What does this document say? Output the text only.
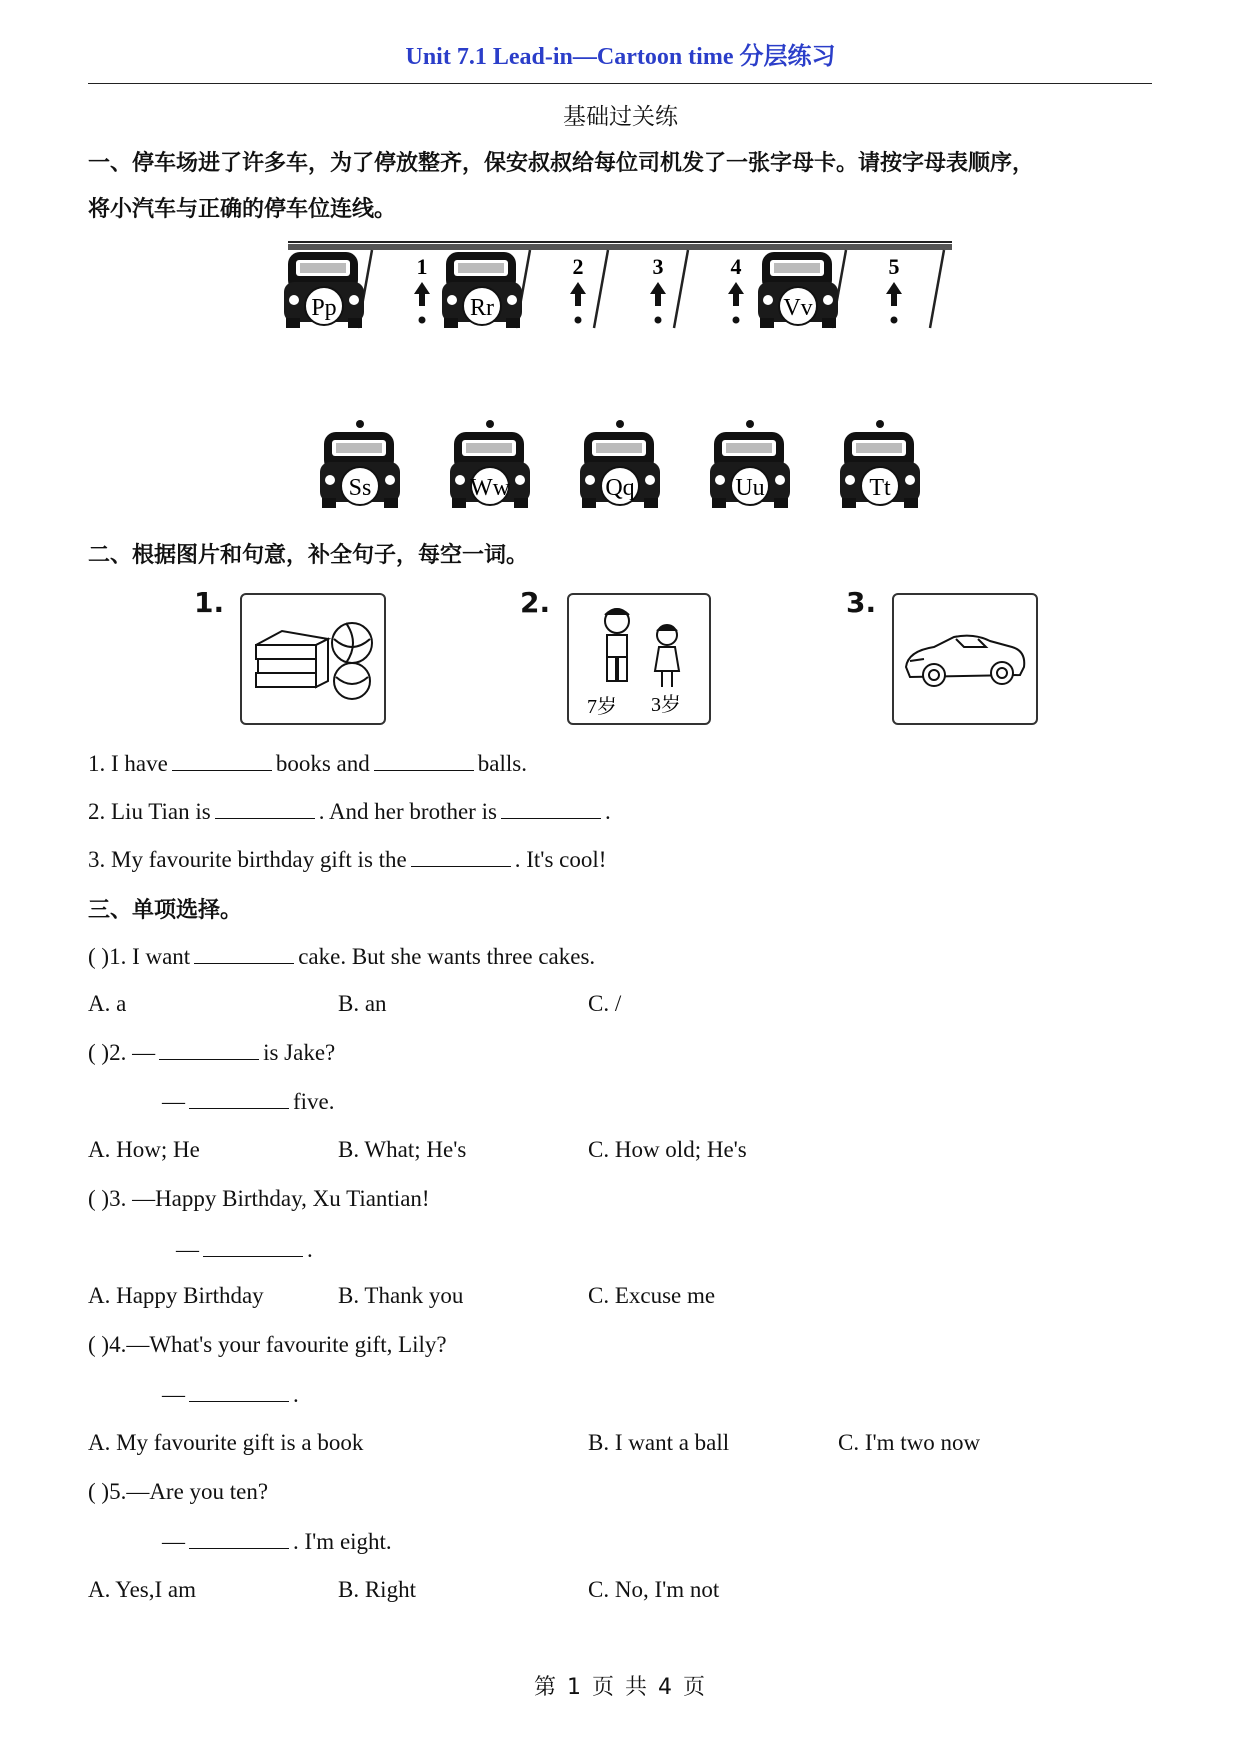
Unit 7.1 Lead-in—Cartoon time 分层练习
基础过关练
一、停车场进了许多车，为了停放整齐，保安叔叔给每位司机发了一张字母卡。请按字母表顺序，
将小汽车与正确的停车位连线。
Pp	Rr	Vv
1	2	3	4	5
Ss	Ww	Qq	Uu	Tt
二、根据图片和句意，补全句子，每空一词。
1.	2.
7岁 3岁
3.
1. I have	books and	balls.
2. Liu Tian is	. And her brother is	.
3. My favourite birthday gift is the	. It's cool!
三、单项选择。
( )1. I want	cake. But she wants three cakes.
A. a	B. an	C. /
( )2. —	is Jake?
—	five.
A. How; He	B. What; He's	C. How old; He's
( )3. —Happy Birthday, Xu Tiantian!
—	.
A. Happy Birthday	B. Thank you	C. Excuse me
( )4.—What's your favourite gift, Lily?
—	.
A. My favourite gift is a book	B. I want a ball	C. I'm two now
( )5.—Are you ten?
—	. I'm eight.
A. Yes,I am	B. Right	C. No, I'm not
第 1 页 共 4 页
